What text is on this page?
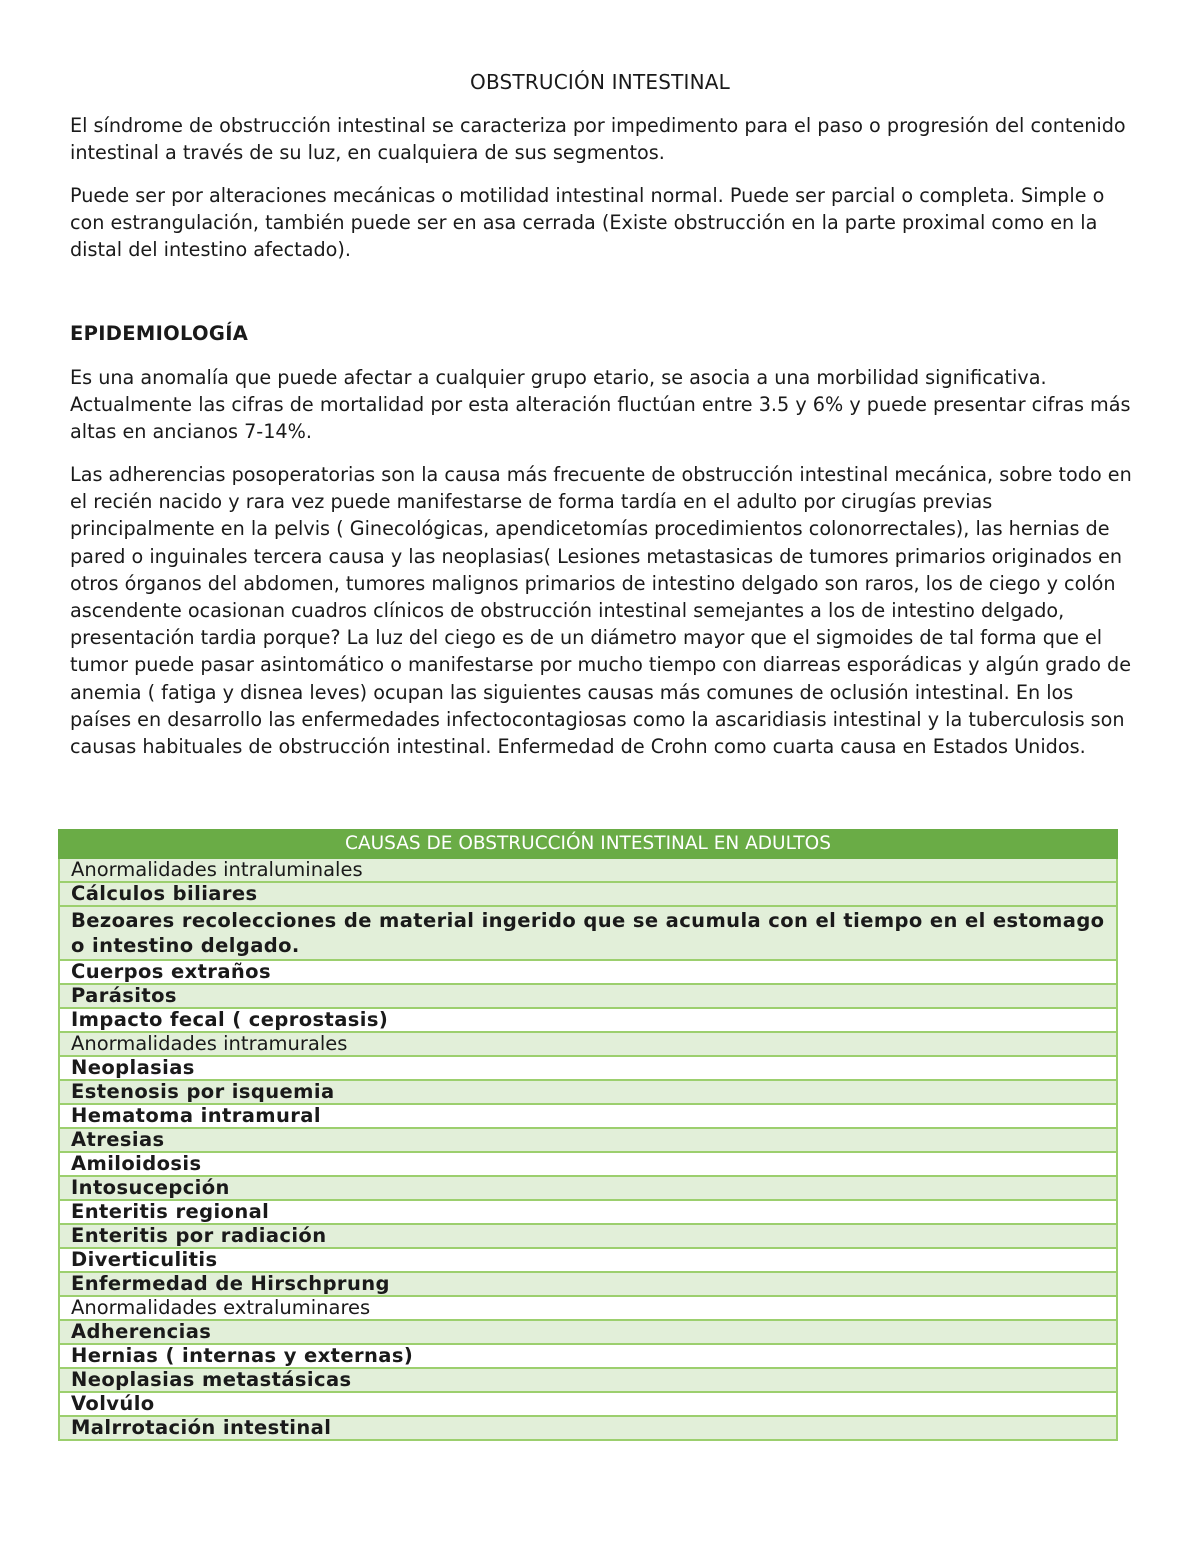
OBSTRUCIÓN INTESTINAL

El síndrome de obstrucción intestinal se caracteriza por impedimento para el paso o progresión del contenido intestinal a través de su luz, en cualquiera de sus segmentos.

Puede ser por alteraciones mecánicas o motilidad intestinal normal. Puede ser parcial o completa. Simple o con estrangulación, también puede ser en asa cerrada (Existe obstrucción en la parte proximal como en la distal del intestino afectado).

EPIDEMIOLOGÍA

Es una anomalía que puede afectar a cualquier grupo etario, se asocia a una morbilidad significativa. Actualmente las cifras de mortalidad por esta alteración fluctúan entre 3.5 y 6% y puede presentar cifras más altas en ancianos 7-14%.

Las adherencias posoperatorias son la causa más frecuente de obstrucción intestinal mecánica, sobre todo en el recién nacido y rara vez puede manifestarse de forma tardía en el adulto por cirugías previas principalmente en la pelvis ( Ginecológicas, apendicetomías procedimientos colonorrectales), las hernias de pared o inguinales tercera causa y las neoplasias( Lesiones metastasicas de tumores primarios originados en otros órganos del abdomen, tumores malignos primarios de intestino delgado son raros, los de ciego y colón ascendente ocasionan cuadros clínicos de obstrucción intestinal semejantes a los de intestino delgado, presentación tardia porque? La luz del ciego es de un diámetro mayor que el sigmoides de tal forma que el tumor puede pasar asintomático o manifestarse por mucho tiempo con diarreas esporádicas y algún grado de anemia ( fatiga y disnea leves) ocupan las siguientes causas más comunes de oclusión intestinal. En los países en desarrollo las enfermedades infectocontagiosas como la ascaridiasis intestinal y la tuberculosis son causas habituales de obstrucción intestinal. Enfermedad de Crohn como cuarta causa en Estados Unidos.

CAUSAS DE OBSTRUCCIÓN INTESTINAL EN ADULTOS
Anormalidades intraluminales
Cálculos biliares
Bezoares recolecciones de material ingerido que se acumula con el tiempo en el estomago o intestino delgado.
Cuerpos extraños
Parásitos
Impacto fecal ( ceprostasis)
Anormalidades intramurales
Neoplasias
Estenosis por isquemia
Hematoma intramural
Atresias
Amiloidosis
Intosucepción
Enteritis regional
Enteritis por radiación
Diverticulitis
Enfermedad de Hirschprung
Anormalidades extraluminares
Adherencias
Hernias ( internas y externas)
Neoplasias metastásicas
Volvúlo
Malrrotación intestinal
